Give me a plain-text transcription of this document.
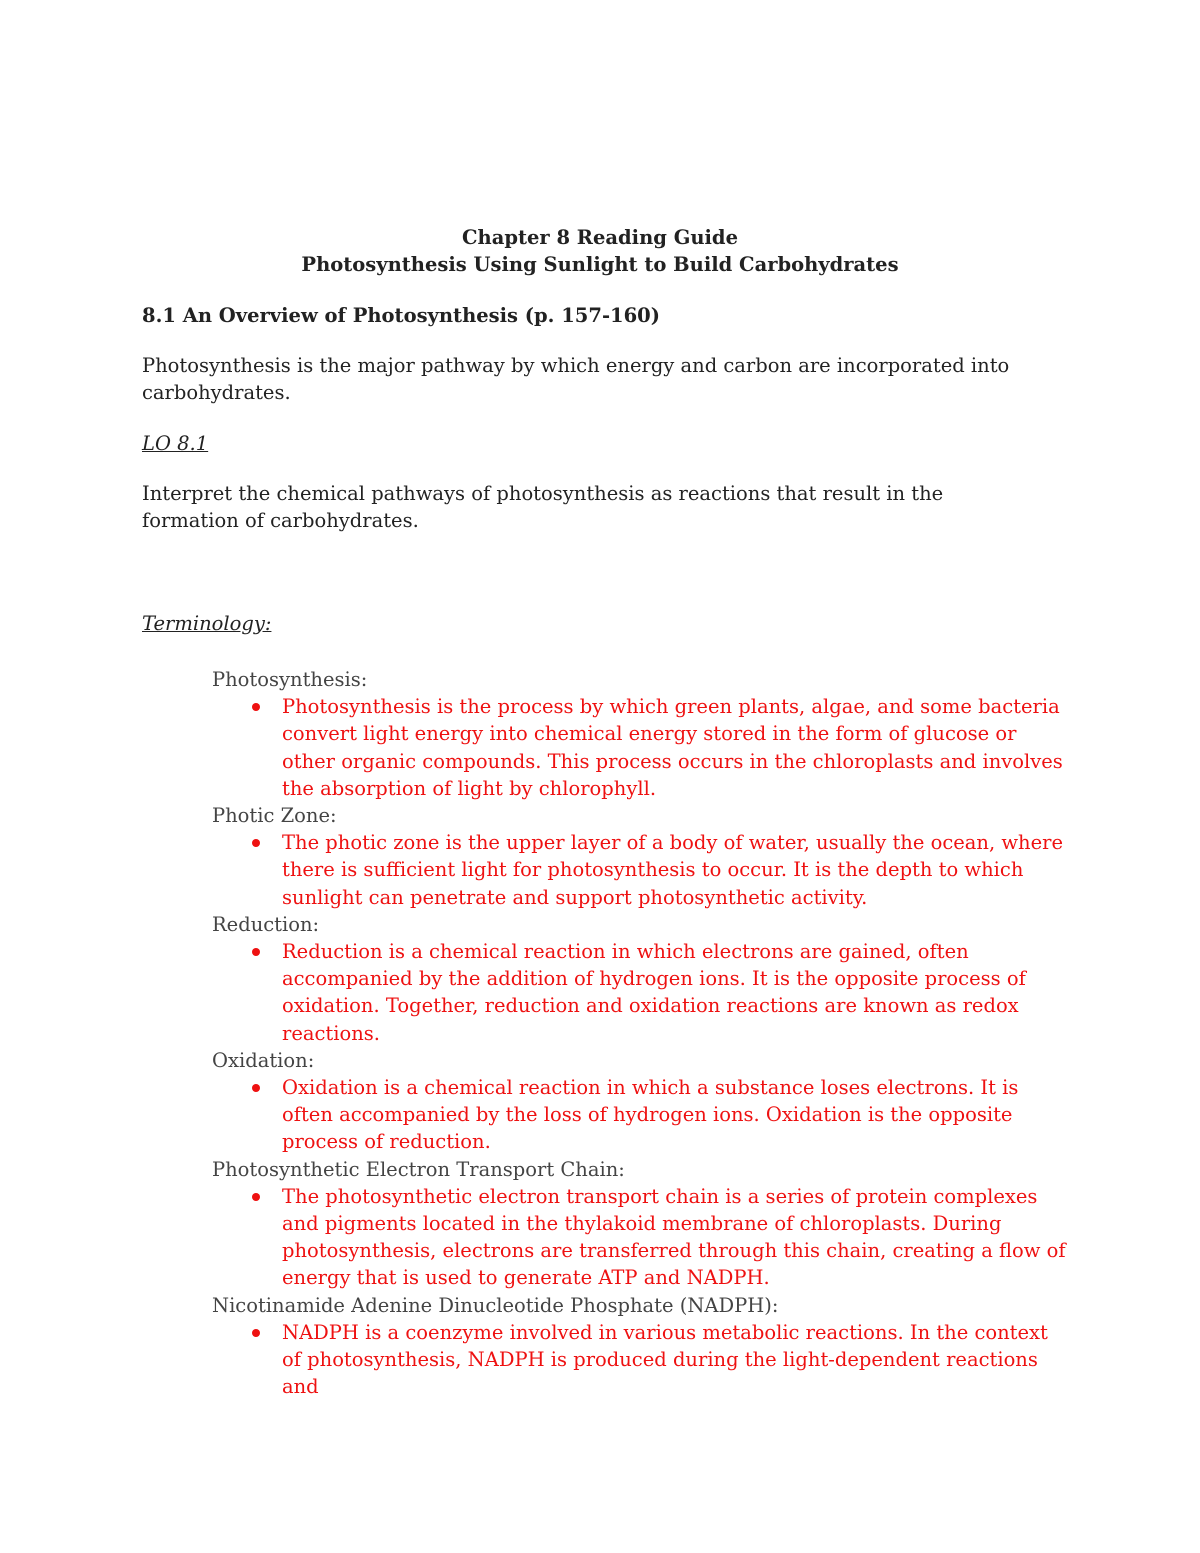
Chapter 8 Reading Guide
Photosynthesis Using Sunlight to Build Carbohydrates
8.1 An Overview of Photosynthesis (p. 157-160)
Photosynthesis is the major pathway by which energy and carbon are incorporated into carbohydrates.
LO 8.1
Interpret the chemical pathways of photosynthesis as reactions that result in the formation of carbohydrates.
Terminology:
Photosynthesis:
Photosynthesis is the process by which green plants, algae, and some bacteria convert light energy into chemical energy stored in the form of glucose or other organic compounds. This process occurs in the chloroplasts and involves the absorption of light by chlorophyll.
Photic Zone:
The photic zone is the upper layer of a body of water, usually the ocean, where there is sufficient light for photosynthesis to occur. It is the depth to which sunlight can penetrate and support photosynthetic activity.
Reduction:
Reduction is a chemical reaction in which electrons are gained, often accompanied by the addition of hydrogen ions. It is the opposite process of oxidation. Together, reduction and oxidation reactions are known as redox reactions.
Oxidation:
Oxidation is a chemical reaction in which a substance loses electrons. It is often accompanied by the loss of hydrogen ions. Oxidation is the opposite process of reduction.
Photosynthetic Electron Transport Chain:
The photosynthetic electron transport chain is a series of protein complexes and pigments located in the thylakoid membrane of chloroplasts. During photosynthesis, electrons are transferred through this chain, creating a flow of energy that is used to generate ATP and NADPH.
Nicotinamide Adenine Dinucleotide Phosphate (NADPH):
NADPH is a coenzyme involved in various metabolic reactions. In the context of photosynthesis, NADPH is produced during the light-dependent reactions and
